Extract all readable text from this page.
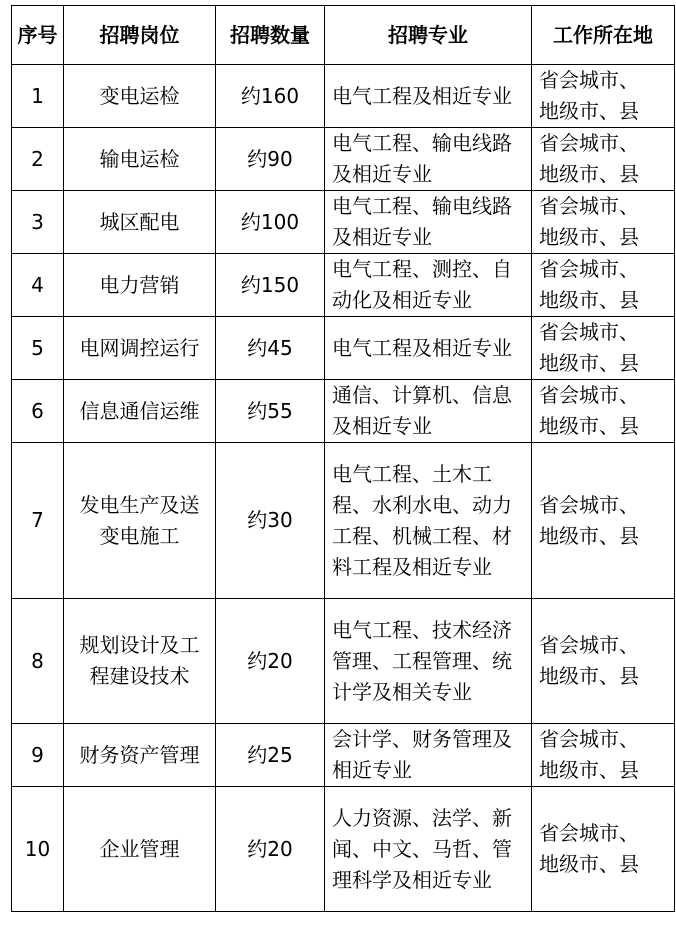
序号	招聘岗位	招聘数量	招聘专业	工作所在地
1	变电运检	约160	电气工程及相近专业	省会城市、地级市、县

2	输电运检	约90	电气工程、输电线路及相近专业	省会城市、地级市、县

3	城区配电	约100	电气工程、输电线路及相近专业	省会城市、地级市、县

4	电力营销	约150	电气工程、测控、自动化及相近专业	省会城市、地级市、县

5	电网调控运行	约45	电气工程及相近专业	省会城市、地级市、县

6	信息通信运维	约55	通信、计算机、信息及相近专业	省会城市、地级市、县

7	发电生产及送变电施工	约30	电气工程、土木工程、水利水电、动力工程、机械工程、材料工程及相近专业	省会城市、地级市、县

8	规划设计及工程建设技术	约20	电气工程、技术经济管理、工程管理、统计学及相关专业	省会城市、地级市、县

9	财务资产管理	约25	会计学、财务管理及相近专业	省会城市、地级市、县

10	企业管理	约20	人力资源、法学、新闻、中文、马哲、管理科学及相近专业	省会城市、地级市、县
